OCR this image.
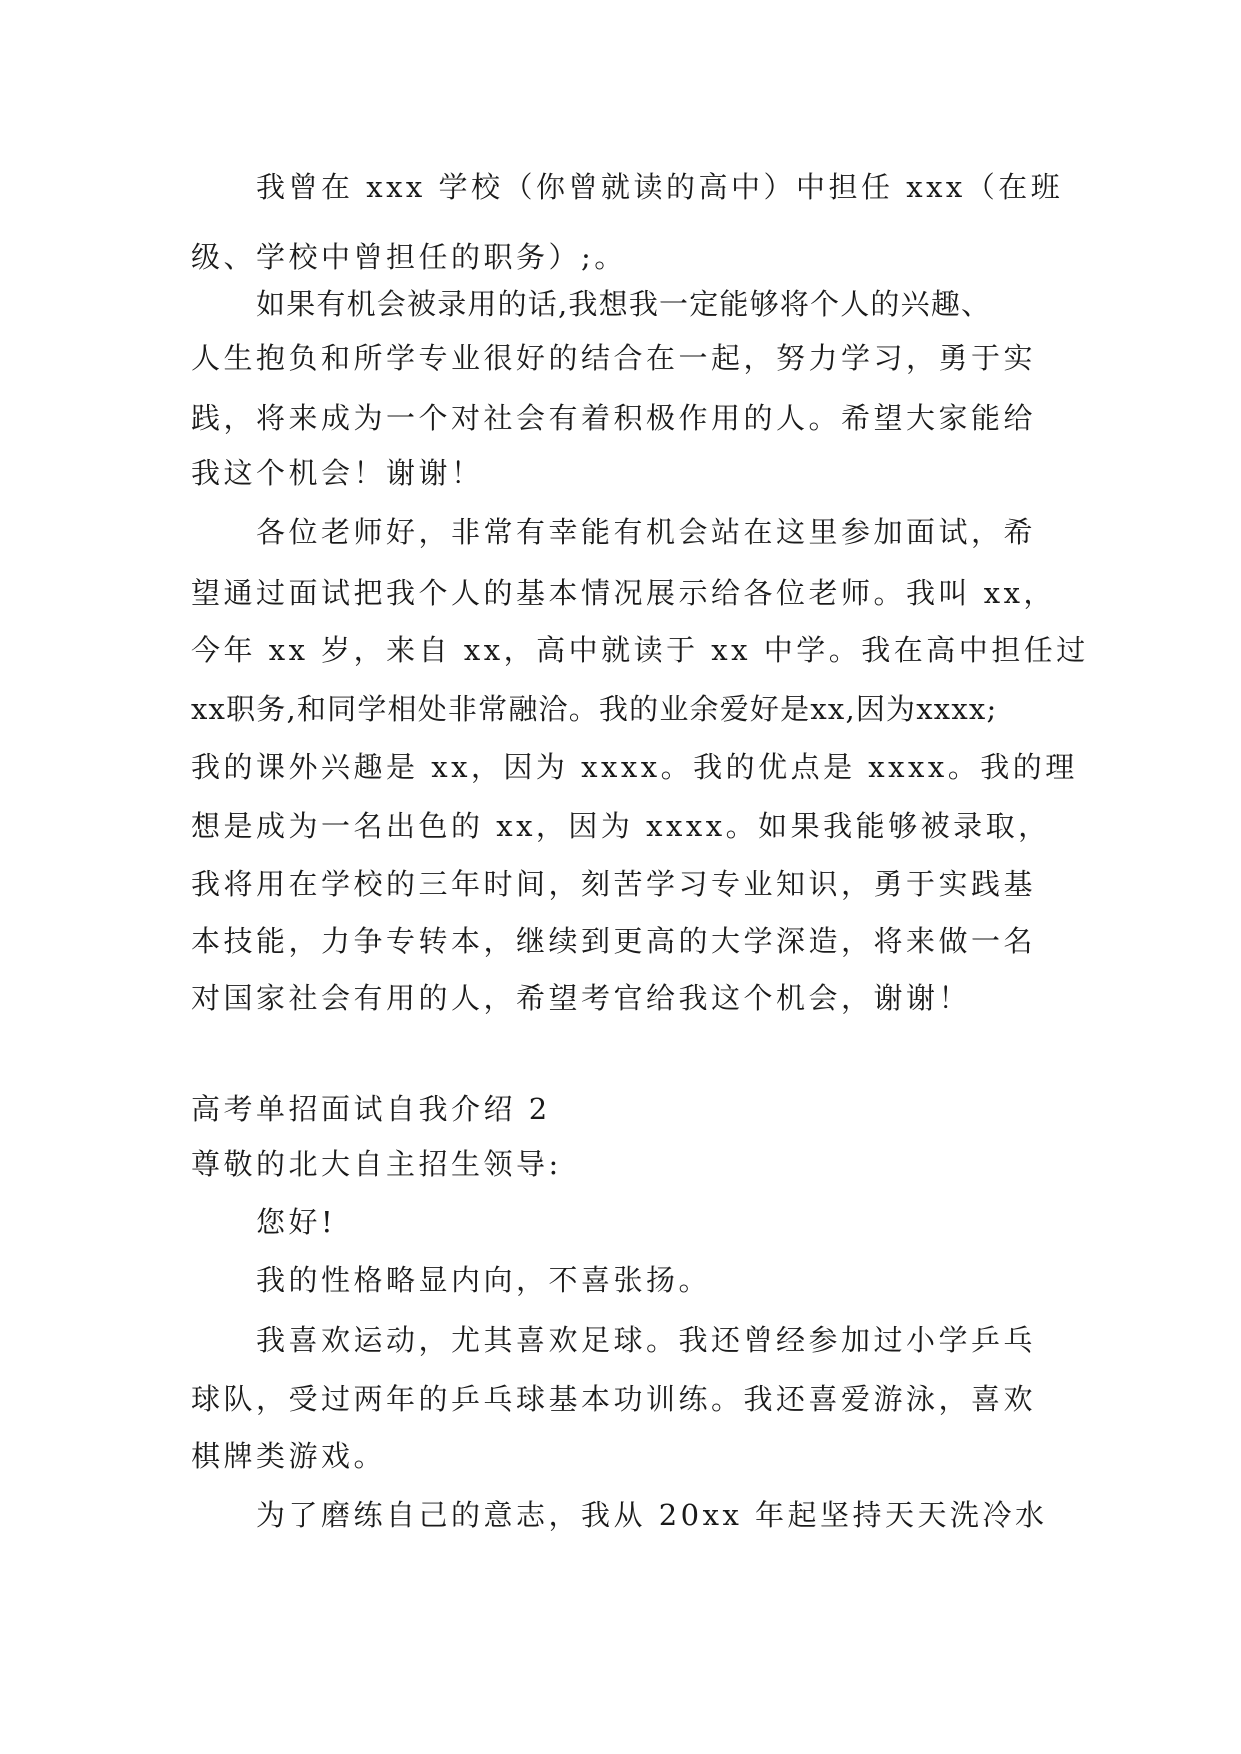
我曾在 xxx 学校（你曾就读的高中）中担任 xxx（在班

级、学校中曾担任的职务）;。

如果有机会被录用的话,我想我一定能够将个人的兴趣、

人生抱负和所学专业很好的结合在一起，努力学习，勇于实

践，将来成为一个对社会有着积极作用的人。希望大家能给

我这个机会！谢谢！

各位老师好，非常有幸能有机会站在这里参加面试，希

望通过面试把我个人的基本情况展示给各位老师。我叫 xx，

今年 xx 岁，来自 xx，高中就读于 xx 中学。我在高中担任过

xx职务,和同学相处非常融洽。我的业余爱好是xx,因为xxxx;

我的课外兴趣是 xx，因为 xxxx。我的优点是 xxxx。我的理

想是成为一名出色的 xx，因为 xxxx。如果我能够被录取，

我将用在学校的三年时间，刻苦学习专业知识，勇于实践基

本技能，力争专转本，继续到更高的大学深造，将来做一名

对国家社会有用的人，希望考官给我这个机会，谢谢！

高考单招面试自我介绍 2

尊敬的北大自主招生领导:

您好!

我的性格略显内向，不喜张扬。

我喜欢运动，尤其喜欢足球。我还曾经参加过小学乒乓

球队，受过两年的乒乓球基本功训练。我还喜爱游泳，喜欢

棋牌类游戏。

为了磨练自己的意志，我从 20xx 年起坚持天天洗冷水
